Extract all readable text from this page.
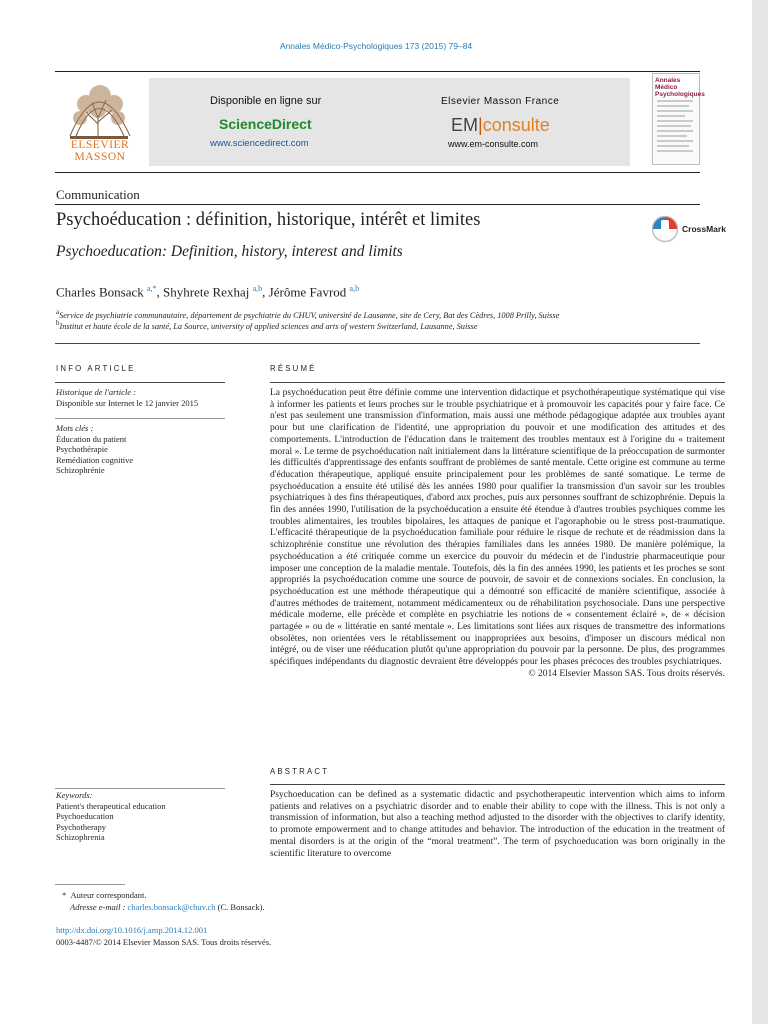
Annales Médico-Psychologiques 173 (2015) 79–84
ELSEVIER
MASSON
Disponible en ligne sur
ScienceDirect
www.sciencedirect.com
Elsevier Masson France
EM|consulte
www.em-consulte.com
Annales Médico
Psychologiques
Communication
Psychoéducation : définition, historique, intérêt et limites
Psychoeducation: Definition, history, interest and limits
CrossMark
Charles Bonsack $^{a,*}$, Shyhrete Rexhaj $^{a,b}$, Jérôme Favrod $^{a,b}$
$^a$Service de psychiatrie communautaire, département de psychiatrie du CHUV, université de Lausanne, site de Cery, Bat des Cèdres, 1008 Prilly, Suisse
$^b$Institut et haute école de la santé, La Source, university of applied sciences and arts of western Switzerland, Lausanne, Suisse
INFO ARTICLE
Historique de l'article :
Disponible sur Internet le 12 janvier 2015
Mots clés :
Éducation du patient
Psychothérapie
Remédiation cognitive
Schizophrénie
Keywords:
Patient's therapeutical education
Psychoeducation
Psychotherapy
Schizophrenia
RÉSUMÉ

La psychoéducation peut être définie comme une intervention didactique et psychothérapeutique systématique qui vise à informer les patients et leurs proches sur le trouble psychiatrique et à promouvoir les capacités pour y faire face. Ce n'est pas seulement une transmission d'information, mais aussi une méthode pédagogique adaptée aux troubles ayant pour but une clarification de l'identité, une appropriation du pouvoir et une modification des attitudes et des comportements. L'introduction de l'éducation dans le traitement des troubles mentaux est à l'origine du « traitement moral ». Le terme de psychoéducation naît initialement dans la littérature scientifique de la préoccupation de surmonter les difficultés d'apprentissage des enfants souffrant de problèmes de santé mentale. Cette origine est commune au terme d'éducation thérapeutique, appliqué ensuite principalement pour les problèmes de santé somatique. Le terme de psychoéducation a ensuite été utilisé dès les années 1980 pour qualifier la transmission d'un savoir sur les troubles psychiatriques à des fins thérapeutiques, d'abord aux proches, puis aux personnes souffrant de schizophrénie. Depuis la fin des années 1990, l'utilisation de la psychoéducation a ensuite été étendue à d'autres troubles psychiques comme les troubles alimentaires, les troubles bipolaires, les attaques de panique et l'agoraphobie ou le stress post-traumatique. L'efficacité thérapeutique de la psychoéducation familiale pour réduire le risque de rechute et de réadmission dans la schizophrénie constitue une révolution des thérapies familiales dans les années 1980. De manière polémique, la psychoéducation a été critiquée comme un exercice du pouvoir du médecin et de l'industrie pharmaceutique pour imposer une conception de la maladie mentale. Toutefois, dès la fin des années 1990, les patients et les proches se sont appropriés la psychoéducation comme une source de pouvoir, de savoir et de connexions sociales. En conclusion, la psychoéducation est une méthode thérapeutique qui a démontré son efficacité de manière scientifique, associée à d'autres méthodes de traitement, notamment médicamenteux ou de réhabilitation psychosociale. Dans une perspective médicale moderne, elle précède et complète en psychiatrie les notions de « consentement éclairé », de « décision partagée » ou de « littératie en santé mentale ». Les limitations sont liées aux risques de transmettre des informations obsolètes, non orientées vers le rétablissement ou inappropriées aux besoins, d'imposer un discours médical non intégré, ou de viser une rééducation plutôt qu'une appropriation du pouvoir par la personne. De plus, des programmes spécifiques indépendants du diagnostic devraient être développés pour les phases précoces des troubles psychiatriques.

© 2014 Elsevier Masson SAS. Tous droits réservés.

ABSTRACT

Psychoeducation can be defined as a systematic didactic and psychotherapeutic intervention which aims to inform patients and relatives on a psychiatric disorder and to enable their ability to cope with the illness. This is not only a transmission of information, but also a teaching method adjusted to the disorder with the objectives to clarify identity, to promote empowerment and to change attitudes and behavior. The introduction of the education in the treatment of mental disorders is at the origin of the “moral treatment”. The term of psychoeducation was born originally in the scientific literature to overcome

* Auteur correspondant.
Adresse e-mail : charles.bonsack@chuv.ch (C. Bonsack).
http://dx.doi.org/10.1016/j.amp.2014.12.001
0003-4487/© 2014 Elsevier Masson SAS. Tous droits réservés.
